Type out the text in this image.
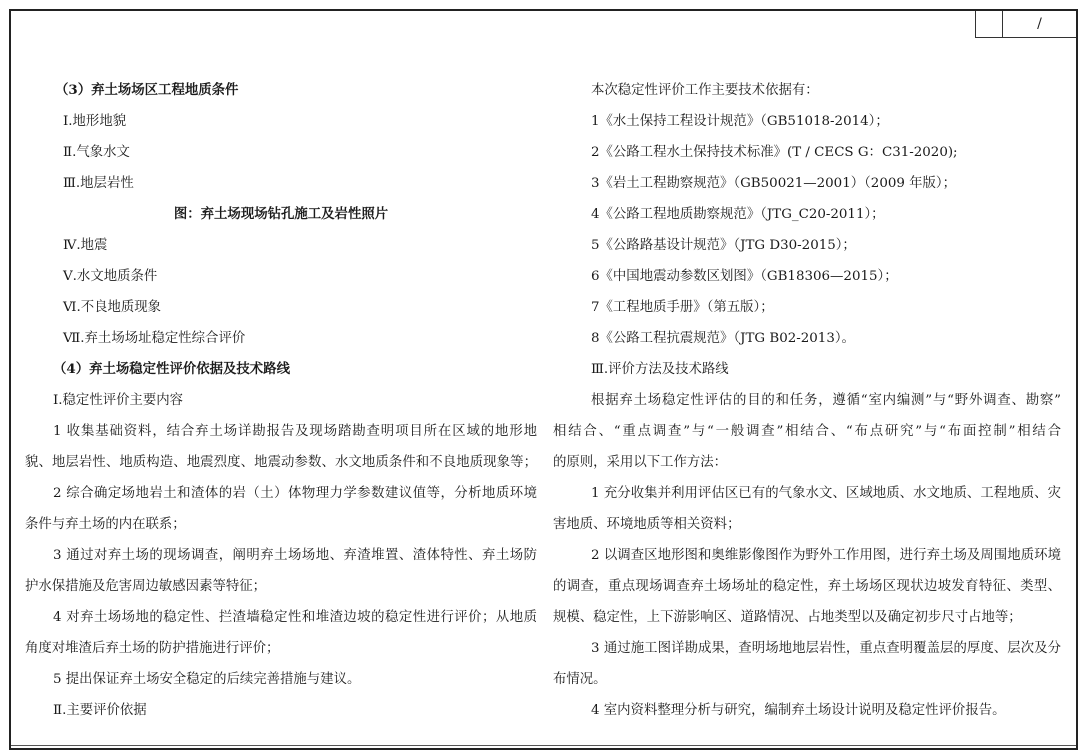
/
（3）弃土场场区工程地质条件
Ⅰ.地形地貌
Ⅱ.气象水文
Ⅲ.地层岩性
图：弃土场现场钻孔施工及岩性照片
Ⅳ.地震
Ⅴ.水文地质条件
Ⅵ.不良地质现象
Ⅶ.弃土场场址稳定性综合评价
（4）弃土场稳定性评价依据及技术路线
Ⅰ.稳定性评价主要内容
1 收集基础资料，结合弃土场详勘报告及现场踏勘查明项目所在区域的地形地
貌、地层岩性、地质构造、地震烈度、地震动参数、水文地质条件和不良地质现象等；
2 综合确定场地岩土和渣体的岩（土）体物理力学参数建议值等，分析地质环境
条件与弃土场的内在联系；
3 通过对弃土场的现场调查，阐明弃土场场地、弃渣堆置、渣体特性、弃土场防
护水保措施及危害周边敏感因素等特征；
4 对弃土场场地的稳定性、拦渣墙稳定性和堆渣边坡的稳定性进行评价；从地质
角度对堆渣后弃土场的防护措施进行评价；
5 提出保证弃土场安全稳定的后续完善措施与建议。
Ⅱ.主要评价依据
本次稳定性评价工作主要技术依据有：
1《水土保持工程设计规范》（GB51018-2014）；
2《公路工程水土保持技术标准》(T / CECS G：C31-2020);
3《岩土工程勘察规范》（GB50021—2001）（2009 年版）；
4《公路工程地质勘察规范》（JTG_C20-2011）；
5《公路路基设计规范》（JTG D30-2015）；
6《中国地震动参数区划图》（GB18306—2015）；
7《工程地质手册》（第五版）；
8《公路工程抗震规范》（JTG B02-2013）。
Ⅲ.评价方法及技术路线
根据弃土场稳定性评估的目的和任务，遵循“室内编测”与“野外调查、勘察”
相结合、“重点调查”与“一般调查”相结合、“布点研究”与“布面控制”相结合
的原则，采用以下工作方法：
1 充分收集并利用评估区已有的气象水文、区域地质、水文地质、工程地质、灾
害地质、环境地质等相关资料；
2 以调查区地形图和奥维影像图作为野外工作用图，进行弃土场及周围地质环境
的调查，重点现场调查弃土场场址的稳定性，弃土场场区现状边坡发育特征、类型、
规模、稳定性，上下游影响区、道路情况、占地类型以及确定初步尺寸占地等；
3 通过施工图详勘成果，查明场地地层岩性，重点查明覆盖层的厚度、层次及分
布情况。
4 室内资料整理分析与研究，编制弃土场设计说明及稳定性评价报告。
